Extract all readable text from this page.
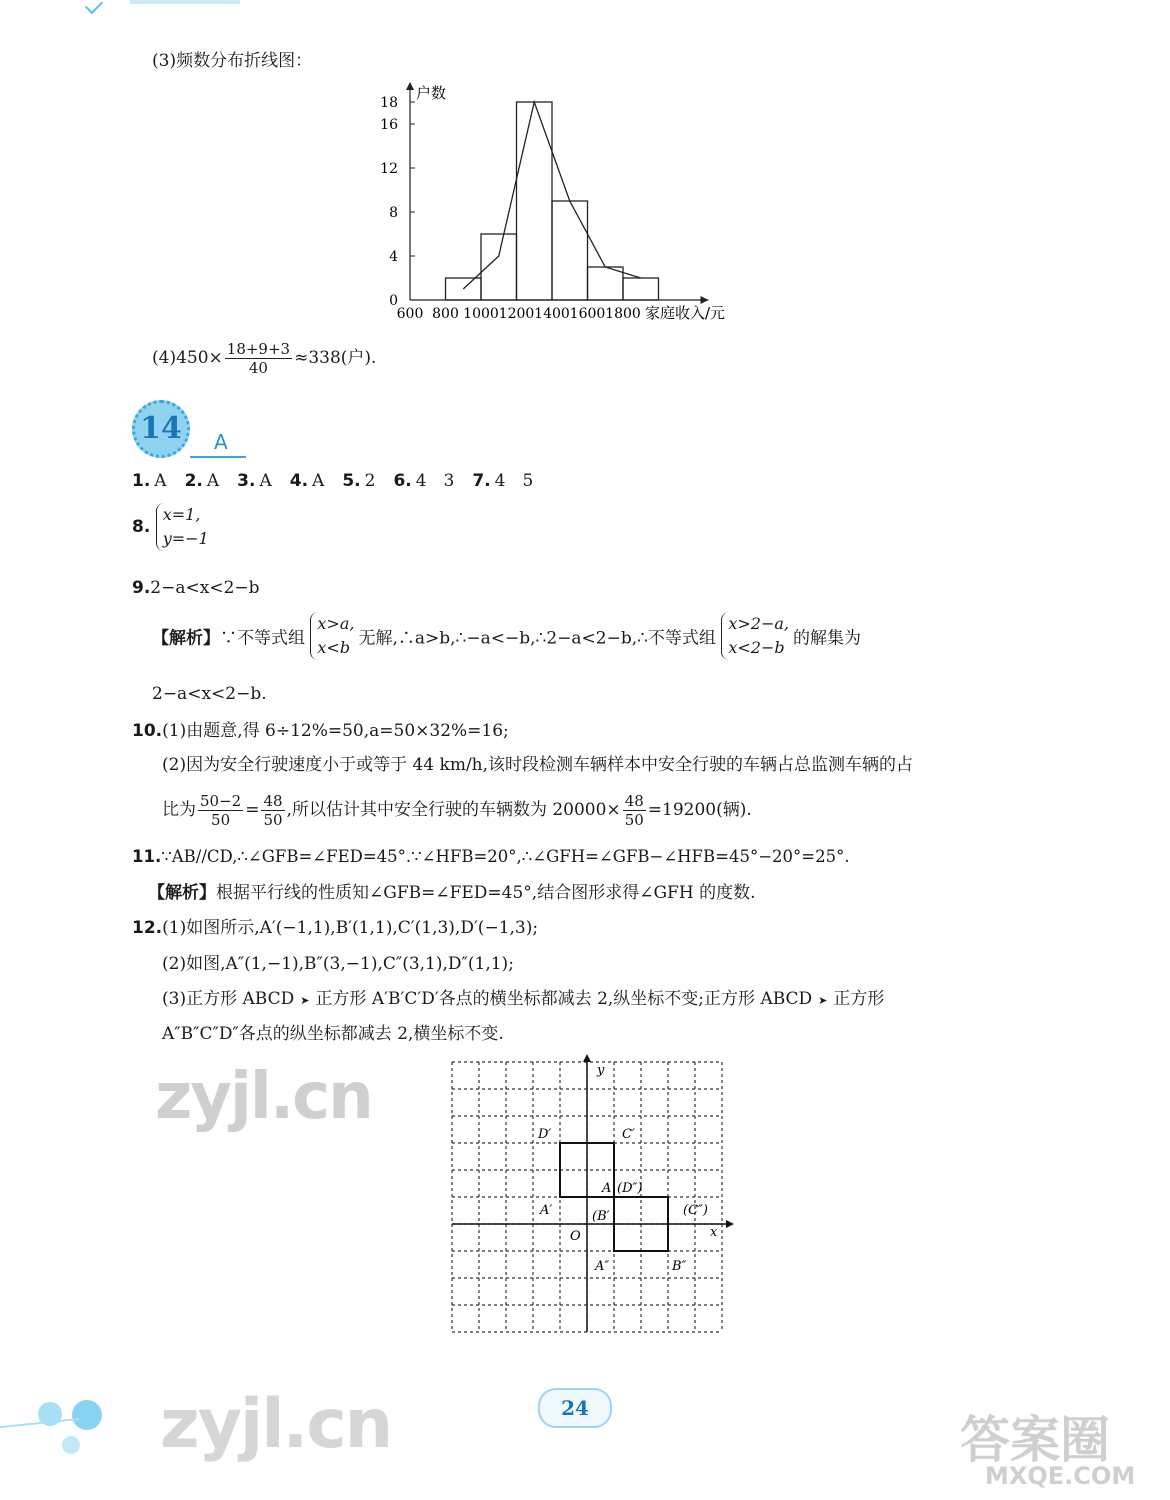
(3)频数分布折线图：
0
4
8
12
16
18
600 800 1000 1200 1400 1600 1800
户数
家庭收入/元
$(4)450\times \frac{18+9+3}{40} \approx 338$(户).
14	A
1. A 2. A 3. A 4. A 5. 2 6. 4　3 7. 4　5
8.
x=1,
y=−1
9.2−a<x<2−b
【解析】∵不等式组
x>a,
x<b 无解,∴a>b,∴−a<−b,∴2−a<2−b,∴不等式组
x>2−a,
x<2−b 的解集为
2−a<x<2−b.
10.(1)由题意,得 6÷12%=50,a=50×32%=16;
(2)因为安全行驶速度小于或等于 44 km/h,该时段检测车辆样本中安全行驶的车辆占总监测车辆的占
比为 $\frac{50-2}{50} = \frac{48}{50}$ ,所以估计其中安全行驶的车辆数为 $20000\times \frac{48}{50} =19200$(辆).
11.∵AB//CD,∴∠GFB=∠FED=45°.∵∠HFB=20°,∴∠GFH=∠GFB−∠HFB=45°−20°=25°.
【解析】根据平行线的性质知∠GFB=∠FED=45°,结合图形求得∠GFH 的度数.
12.(1)如图所示,A′(−1,1),B′(1,1),C′(1,3),D′(−1,3);
(2)如图,A″(1,−1),B″(3,−1),C″(3,1),D″(1,1);
(3)正方形 ABCD ➤ 正方形 A′B′C′D′各点的横坐标都减去 2,纵坐标不变;正方形 ABCD ➤ 正方形
A″B″C″D″各点的纵坐标都减去 2,横坐标不变.
y
x
O
D′	C′
A (D″)
A′	(B′	(C″)
A″	B″
zyjl.cn
zyjl.cn	答案圈
MXQE.COM
24
